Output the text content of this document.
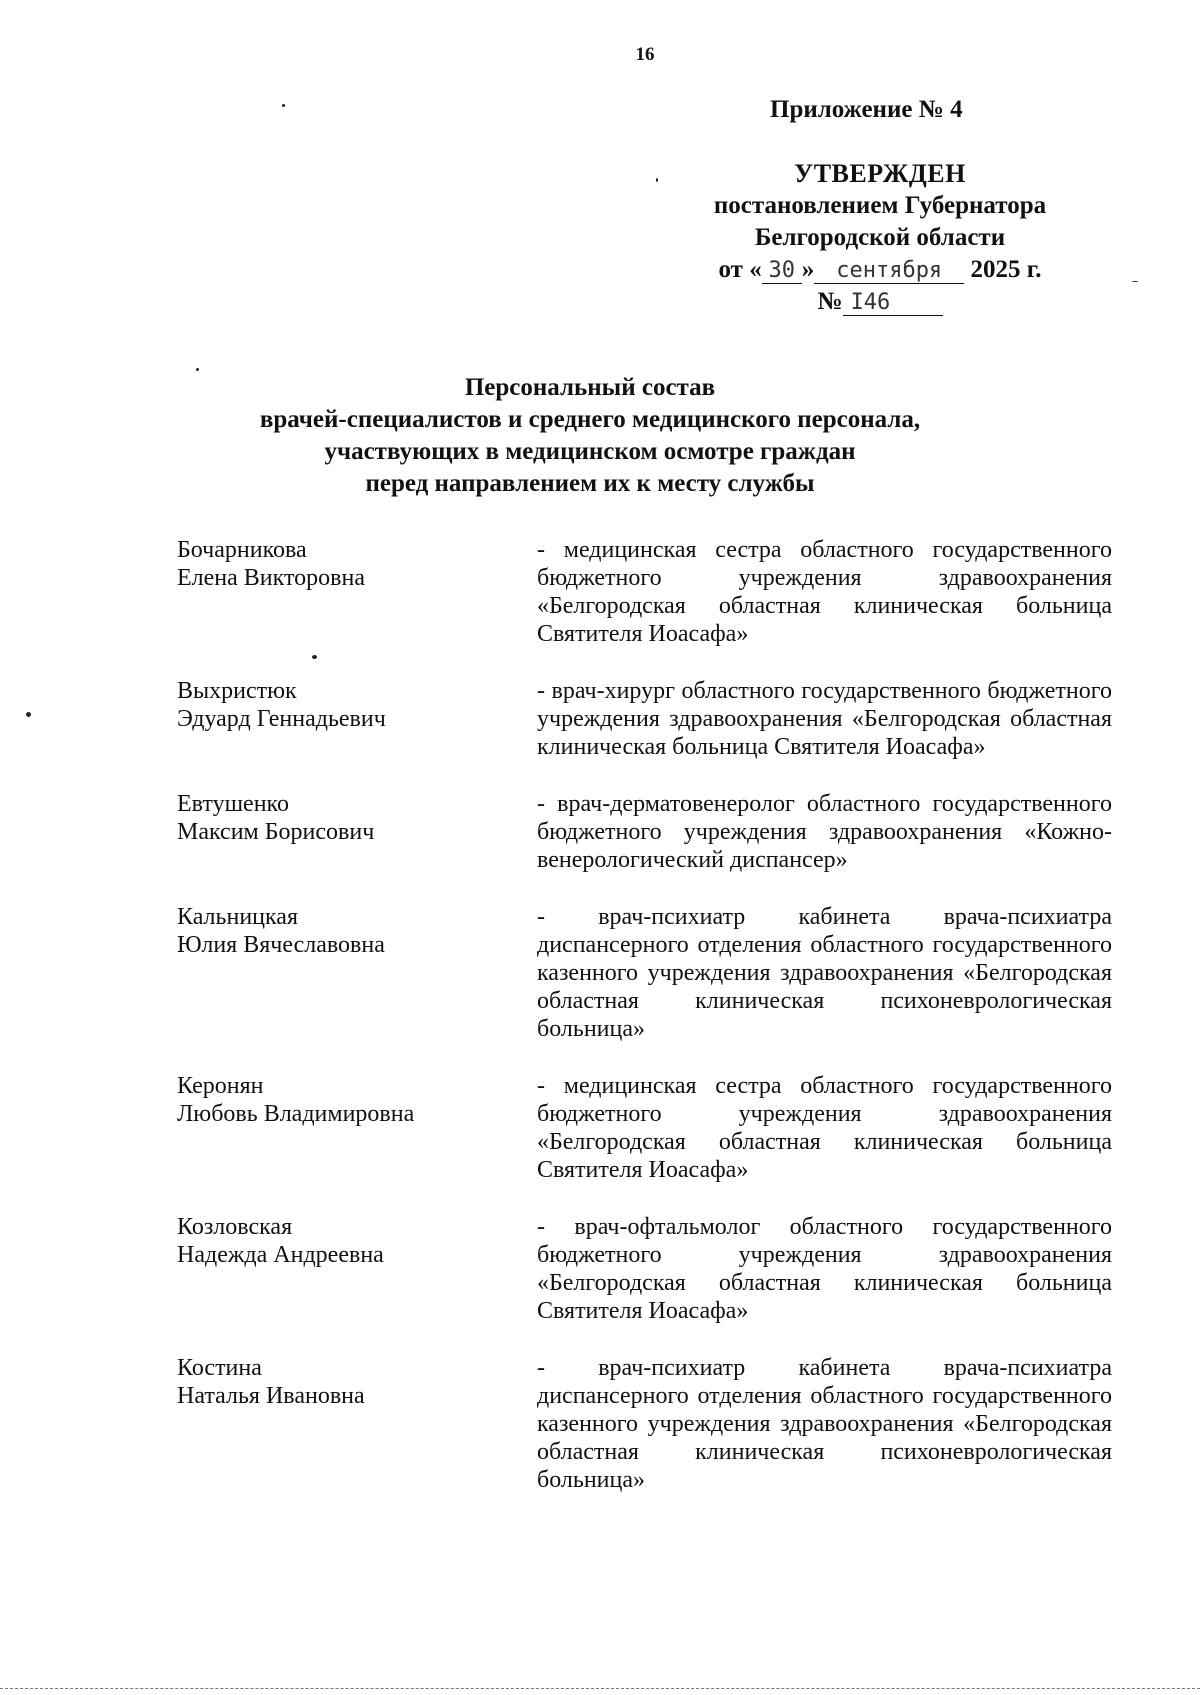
16
Приложение № 4
УТВЕРЖДЕН
постановлением Губернатора
Белгородской области
от « 30 » сентября 2025 г.
№ I46
Персональный состав
врачей-специалистов и среднего медицинского персонала,
участвующих в медицинском осмотре граждан
перед направлением их к месту службы
Бочарникова
Елена Викторовна
- медицинская сестра областного государственного бюджетного учреждения здравоохранения «Белгородская областная клиническая больница Святителя Иоасафа»
Выхристюк
Эдуард Геннадьевич
- врач-хирург областного государственного бюджетного учреждения здравоохранения «Белгородская областная клиническая больница Святителя Иоасафа»
Евтушенко
Максим Борисович
- врач-дерматовенеролог областного государственного бюджетного учреждения здравоохранения «Кожно-венерологический диспансер»
Кальницкая
Юлия Вячеславовна
- врач-психиатр кабинета врача-психиатра диспансерного отделения областного государственного казенного учреждения здравоохранения «Белгородская областная клиническая психоневрологическая больница»
Керонян
Любовь Владимировна
- медицинская сестра областного государственного бюджетного учреждения здравоохранения «Белгородская областная клиническая больница Святителя Иоасафа»
Козловская
Надежда Андреевна
- врач-офтальмолог областного государственного бюджетного учреждения здравоохранения «Белгородская областная клиническая больница Святителя Иоасафа»
Костина
Наталья Ивановна
- врач-психиатр кабинета врача-психиатра диспансерного отделения областного государственного казенного учреждения здравоохранения «Белгородская областная клиническая психоневрологическая больница»
